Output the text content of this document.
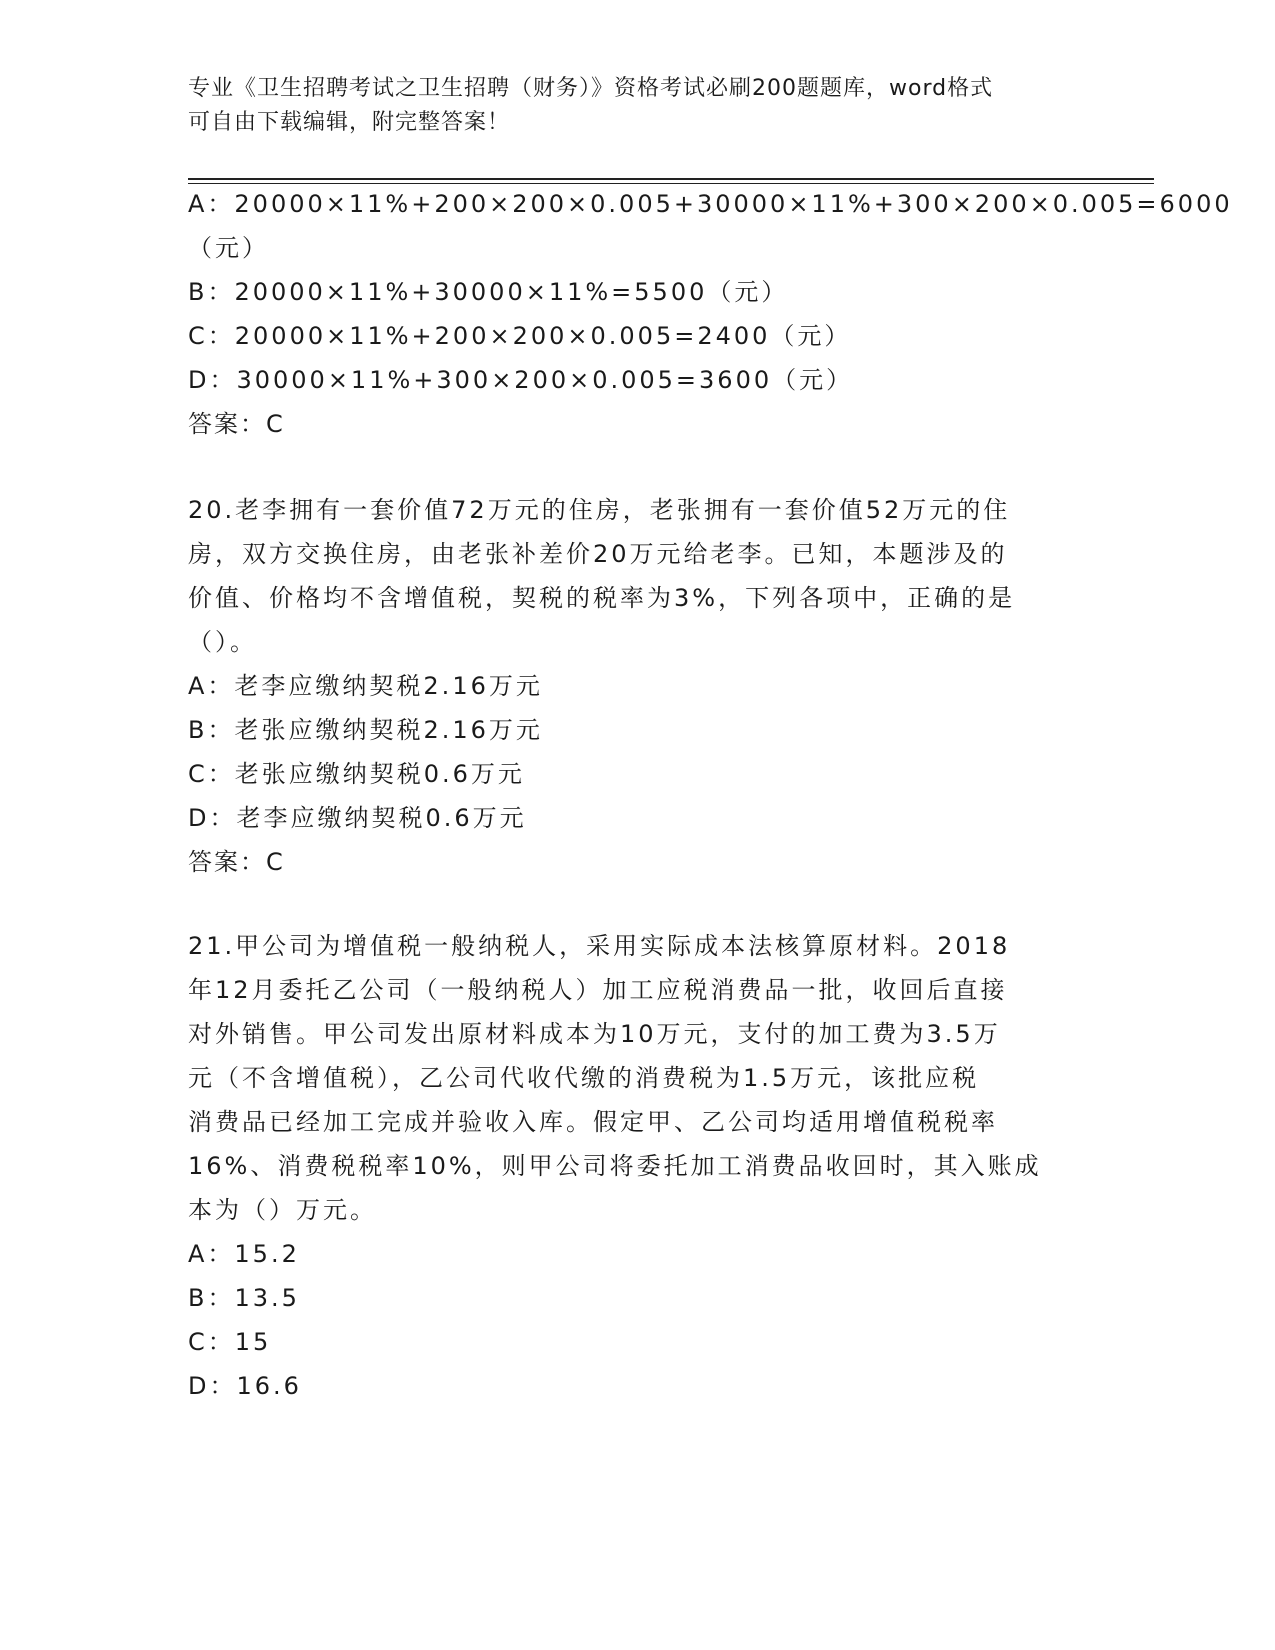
专业《卫生招聘考试之卫生招聘（财务）》资格考试必刷200题题库，word格式
可自由下载编辑，附完整答案！
A：20000×11%+200×200×0.005+30000×11%+300×200×0.005=6000
（元）
B：20000×11%+30000×11%=5500（元）
C：20000×11%+200×200×0.005=2400（元）
D：30000×11%+300×200×0.005=3600（元）
答案：C
20.老李拥有一套价值72万元的住房，老张拥有一套价值52万元的住
房，双方交换住房，由老张补差价20万元给老李。已知，本题涉及的
价值、价格均不含增值税，契税的税率为3%，下列各项中，正确的是
（）。
A：老李应缴纳契税2.16万元
B：老张应缴纳契税2.16万元
C：老张应缴纳契税0.6万元
D：老李应缴纳契税0.6万元
答案：C
21.甲公司为增值税一般纳税人，采用实际成本法核算原材料。2018
年12月委托乙公司（一般纳税人）加工应税消费品一批，收回后直接
对外销售。甲公司发出原材料成本为10万元，支付的加工费为3.5万
元（不含增值税），乙公司代收代缴的消费税为1.5万元，该批应税
消费品已经加工完成并验收入库。假定甲、乙公司均适用增值税税率
16%、消费税税率10%，则甲公司将委托加工消费品收回时，其入账成
本为（）万元。
A：15.2
B：13.5
C：15
D：16.6
